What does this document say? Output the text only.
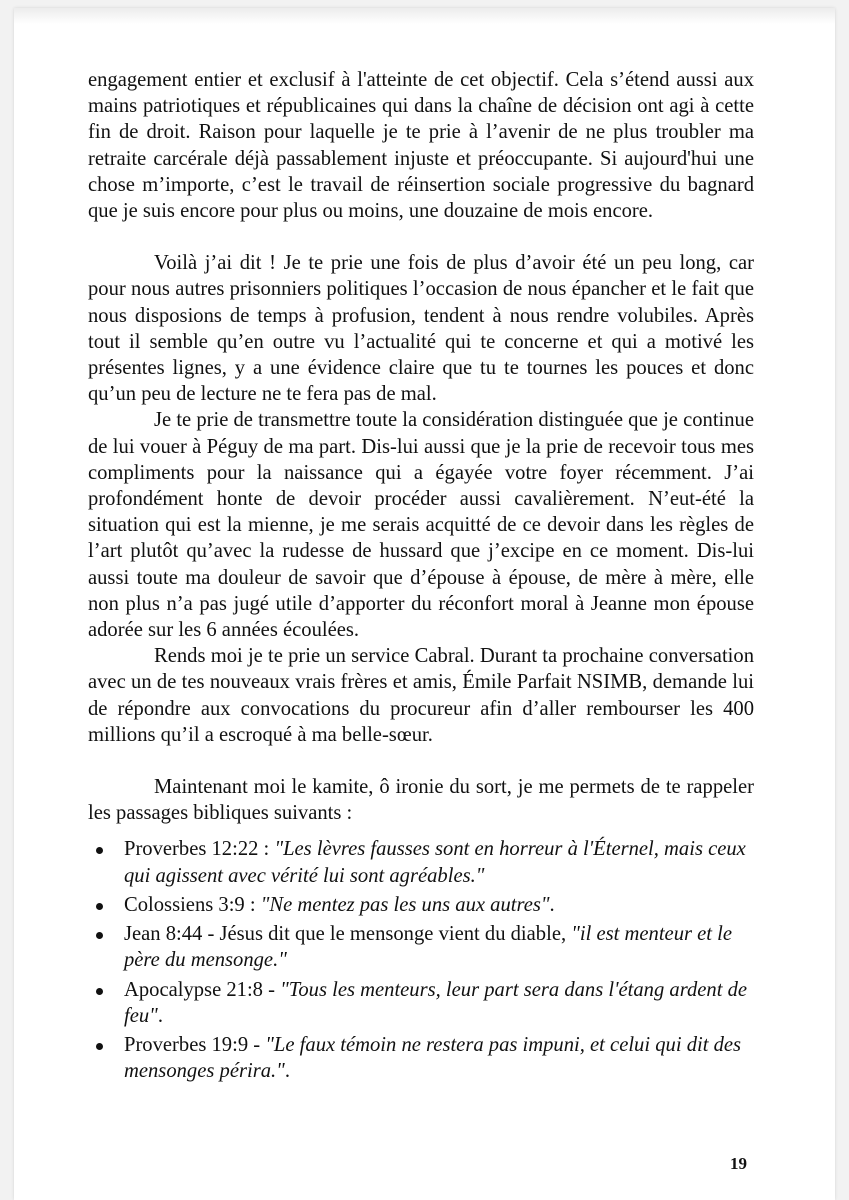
engagement entier et exclusif à l'atteinte de cet objectif. Cela s’étend aussi aux mains patriotiques et républicaines qui dans la chaîne de décision ont agi à cette fin de droit. Raison pour laquelle je te prie à l’avenir de ne plus troubler ma retraite carcérale déjà passablement injuste et préoccupante. Si aujourd'hui une chose m’importe, c’est le travail de réinsertion sociale progressive du bagnard que je suis encore pour plus ou moins, une douzaine de mois encore.

Voilà j’ai dit ! Je te prie une fois de plus d’avoir été un peu long, car pour nous autres prisonniers politiques l’occasion de nous épancher et le fait que nous disposions de temps à profusion, tendent à nous rendre volubiles. Après tout il semble qu’en outre vu l’actualité qui te concerne et qui a motivé les présentes lignes, y a une évidence claire que tu te tournes les pouces et donc qu’un peu de lecture ne te fera pas de mal.

Je te prie de transmettre toute la considération distinguée que je continue de lui vouer à Péguy de ma part. Dis-lui aussi que je la prie de recevoir tous mes compliments pour la naissance qui a égayée votre foyer récemment. J’ai profondément honte de devoir procéder aussi cavalièrement. N’eut-été la situation qui est la mienne, je me serais acquitté de ce devoir dans les règles de l’art plutôt qu’avec la rudesse de hussard que j’excipe en ce moment. Dis-lui aussi toute ma douleur de savoir que d’épouse à épouse, de mère à mère, elle non plus n’a pas jugé utile d’apporter du réconfort moral à Jeanne mon épouse adorée sur les 6 années écoulées.

Rends moi je te prie un service Cabral. Durant ta prochaine conversation avec un de tes nouveaux vrais frères et amis, Émile Parfait NSIMB, demande lui de répondre aux convocations du procureur afin d’aller rembourser les 400 millions qu’il a escroqué à ma belle-sœur.

Maintenant moi le kamite, ô ironie du sort, je me permets de te rappeler les passages bibliques suivants :

Proverbes 12:22 : "Les lèvres fausses sont en horreur à l'Éternel, mais ceux qui agissent avec vérité lui sont agréables."
Colossiens 3:9 : "Ne mentez pas les uns aux autres".
Jean 8:44 - Jésus dit que le mensonge vient du diable, "il est menteur et le père du mensonge."
Apocalypse 21:8 - "Tous les menteurs, leur part sera dans l'étang ardent de feu".
Proverbes 19:9 - "Le faux témoin ne restera pas impuni, et celui qui dit des mensonges périra.".
19
